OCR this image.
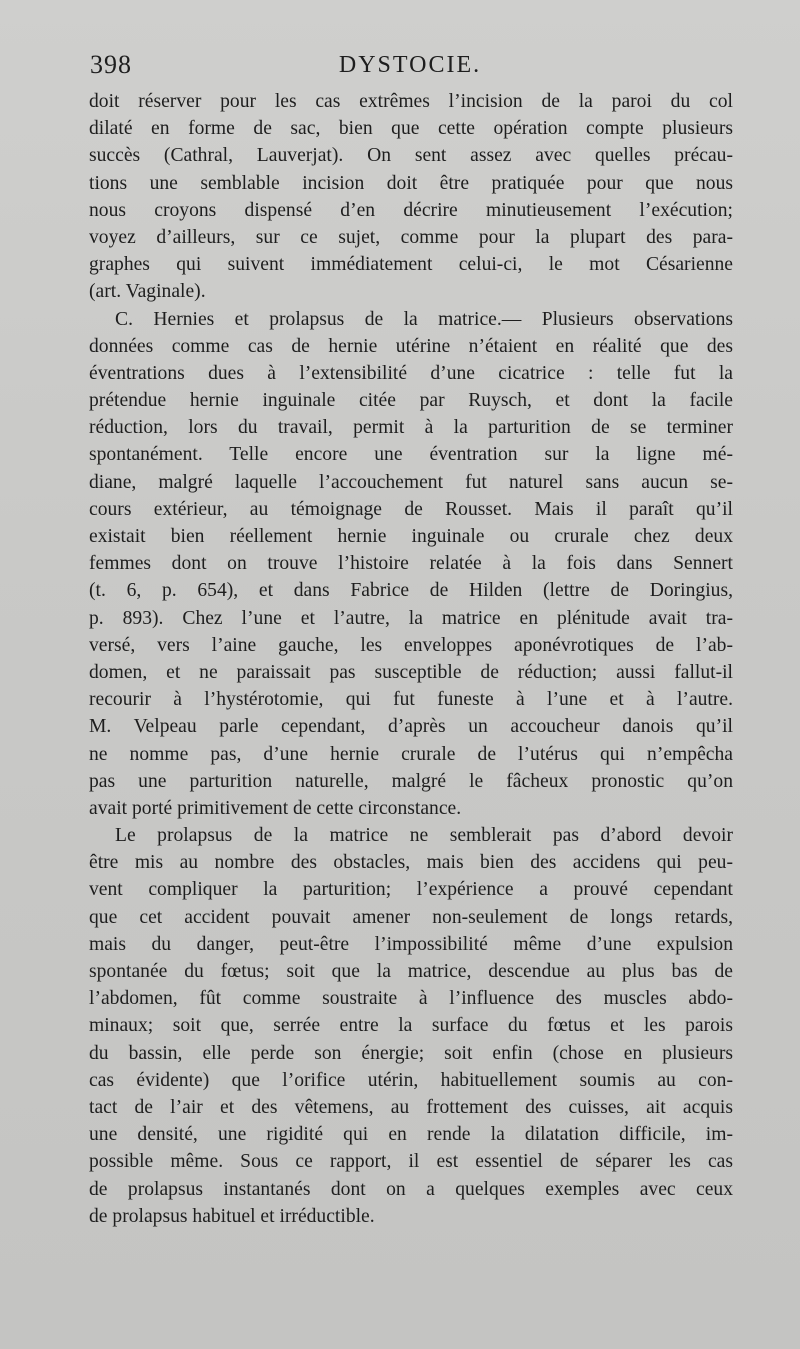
398	DYSTOCIE.
doit réserver pour les cas extrêmes l’incision de la paroi du col
dilaté en forme de sac, bien que cette opération compte plusieurs
succès (Cathral, Lauverjat). On sent assez avec quelles précau-
tions une semblable incision doit être pratiquée pour que nous
nous croyons dispensé d’en décrire minutieusement l’exécution;
voyez d’ailleurs, sur ce sujet, comme pour la plupart des para-
graphes qui suivent immédiatement celui-ci, le mot Césarienne
(art. Vaginale).
C. Hernies et prolapsus de la matrice.— Plusieurs observations
données comme cas de hernie utérine n’étaient en réalité que des
éventrations dues à l’extensibilité d’une cicatrice : telle fut la
prétendue hernie inguinale citée par Ruysch, et dont la facile
réduction, lors du travail, permit à la parturition de se terminer
spontanément. Telle encore une éventration sur la ligne mé-
diane, malgré laquelle l’accouchement fut naturel sans aucun se-
cours extérieur, au témoignage de Rousset. Mais il paraît qu’il
existait bien réellement hernie inguinale ou crurale chez deux
femmes dont on trouve l’histoire relatée à la fois dans Sennert
(t. 6, p. 654), et dans Fabrice de Hilden (lettre de Doringius,
p. 893). Chez l’une et l’autre, la matrice en plénitude avait tra-
versé, vers l’aine gauche, les enveloppes aponévrotiques de l’ab-
domen, et ne paraissait pas susceptible de réduction; aussi fallut-il
recourir à l’hystérotomie, qui fut funeste à l’une et à l’autre.
M. Velpeau parle cependant, d’après un accoucheur danois qu’il
ne nomme pas, d’une hernie crurale de l’utérus qui n’empêcha
pas une parturition naturelle, malgré le fâcheux pronostic qu’on
avait porté primitivement de cette circonstance.
Le prolapsus de la matrice ne semblerait pas d’abord devoir
être mis au nombre des obstacles, mais bien des accidens qui peu-
vent compliquer la parturition; l’expérience a prouvé cependant
que cet accident pouvait amener non-seulement de longs retards,
mais du danger, peut-être l’impossibilité même d’une expulsion
spontanée du fœtus; soit que la matrice, descendue au plus bas de
l’abdomen, fût comme soustraite à l’influence des muscles abdo-
minaux; soit que, serrée entre la surface du fœtus et les parois
du bassin, elle perde son énergie; soit enfin (chose en plusieurs
cas évidente) que l’orifice utérin, habituellement soumis au con-
tact de l’air et des vêtemens, au frottement des cuisses, ait acquis
une densité, une rigidité qui en rende la dilatation difficile, im-
possible même. Sous ce rapport, il est essentiel de séparer les cas
de prolapsus instantanés dont on a quelques exemples avec ceux
de prolapsus habituel et irréductible.
